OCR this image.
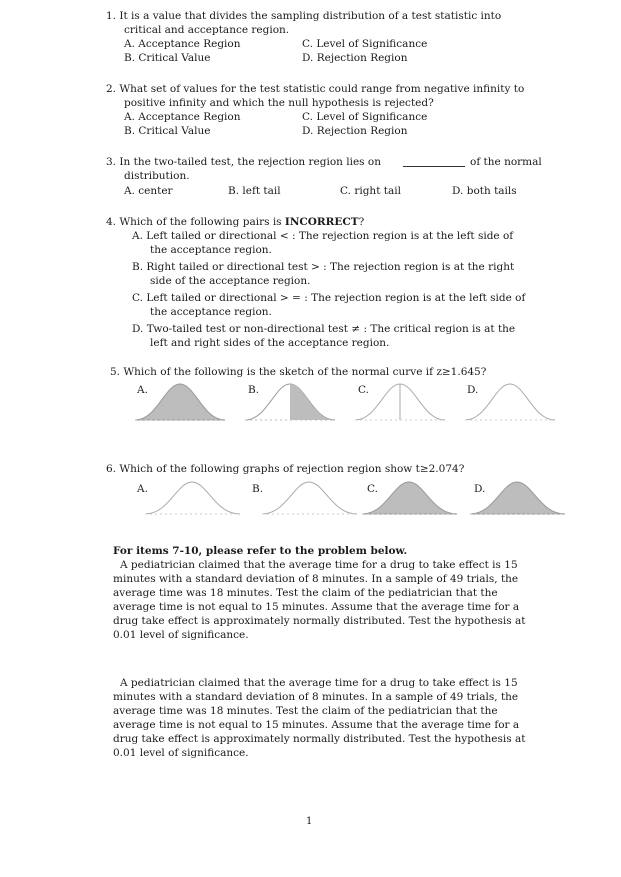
1. It is a value that divides the sampling distribution of a test statistic into
critical and acceptance region.
A. Acceptance Region
B. Critical Value
C. Level of Significance
D. Rejection Region
2. What set of values for the test statistic could range from negative infinity to
positive infinity and which the null hypothesis is rejected?
A. Acceptance Region
B. Critical Value
C. Level of Significance
D. Rejection Region
3. In the two-tailed test, the rejection region lies on	of the normal
distribution.
A. center	B. left tail	C. right tail	D. both tails
4. Which of the following pairs is INCORRECT?
A. Left tailed or directional < : The rejection region is at the left side of
the acceptance region.
B. Right tailed or directional test > : The rejection region is at the right
side of the acceptance region.
C. Left tailed or directional > = : The rejection region is at the left side of
the acceptance region.
D. Two-tailed test or non-directional test ≠ : The critical region is at the
left and right sides of the acceptance region.
5. Which of the following is the sketch of the normal curve if z≥1.645?
A.	B.	C.	D.
6. Which of the following graphs of rejection region show t≥2.074?
A.	B.	C.	D.
For items 7-10, please refer to the problem below.
A pediatrician claimed that the average time for a drug to take effect is 15
minutes with a standard deviation of 8 minutes. In a sample of 49 trials, the
average time was 18 minutes. Test the claim of the pediatrician that the
average time is not equal to 15 minutes. Assume that the average time for a
drug take effect is approximately normally distributed. Test the hypothesis at
0.01 level of significance.
A pediatrician claimed that the average time for a drug to take effect is 15
minutes with a standard deviation of 8 minutes. In a sample of 49 trials, the
average time was 18 minutes. Test the claim of the pediatrician that the
average time is not equal to 15 minutes. Assume that the average time for a
drug take effect is approximately normally distributed. Test the hypothesis at
0.01 level of significance.
1
